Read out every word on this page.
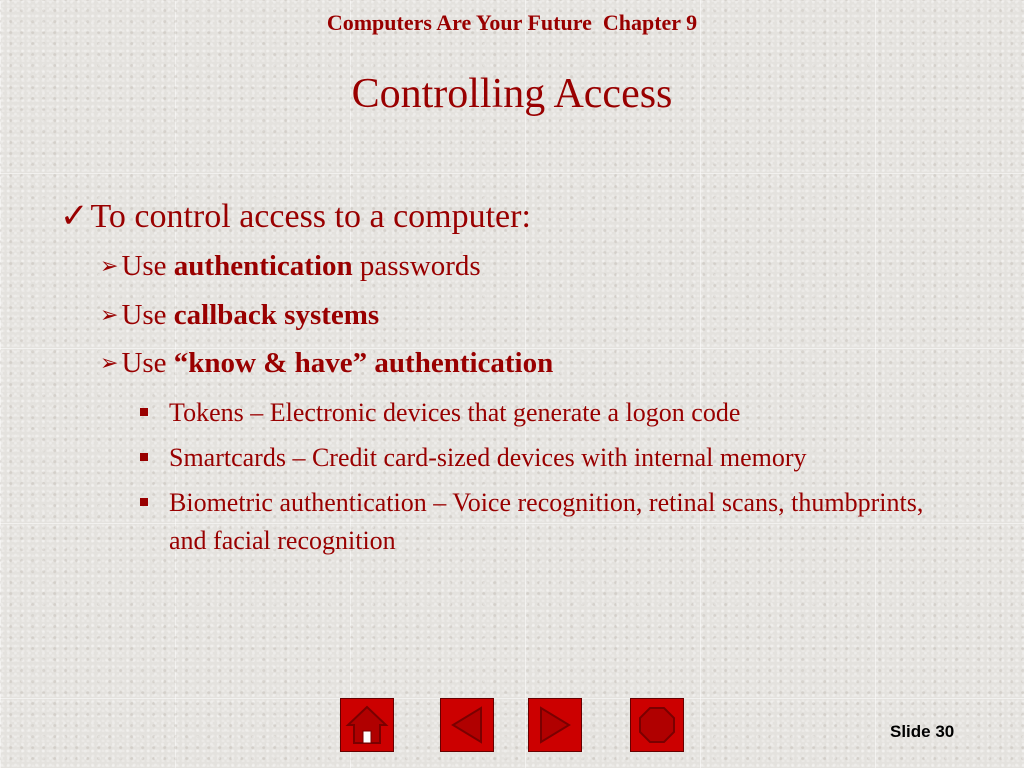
Computers Are Your Future  Chapter 9
Controlling Access
✓To control access to a computer:
➢ Use authentication passwords
➢ Use callback systems
➢ Use “know & have” authentication
Tokens – Electronic devices that generate a logon code
Smartcards – Credit card-sized devices with internal memory
Biometric authentication – Voice recognition, retinal scans, thumbprints, and facial recognition
Slide 30
